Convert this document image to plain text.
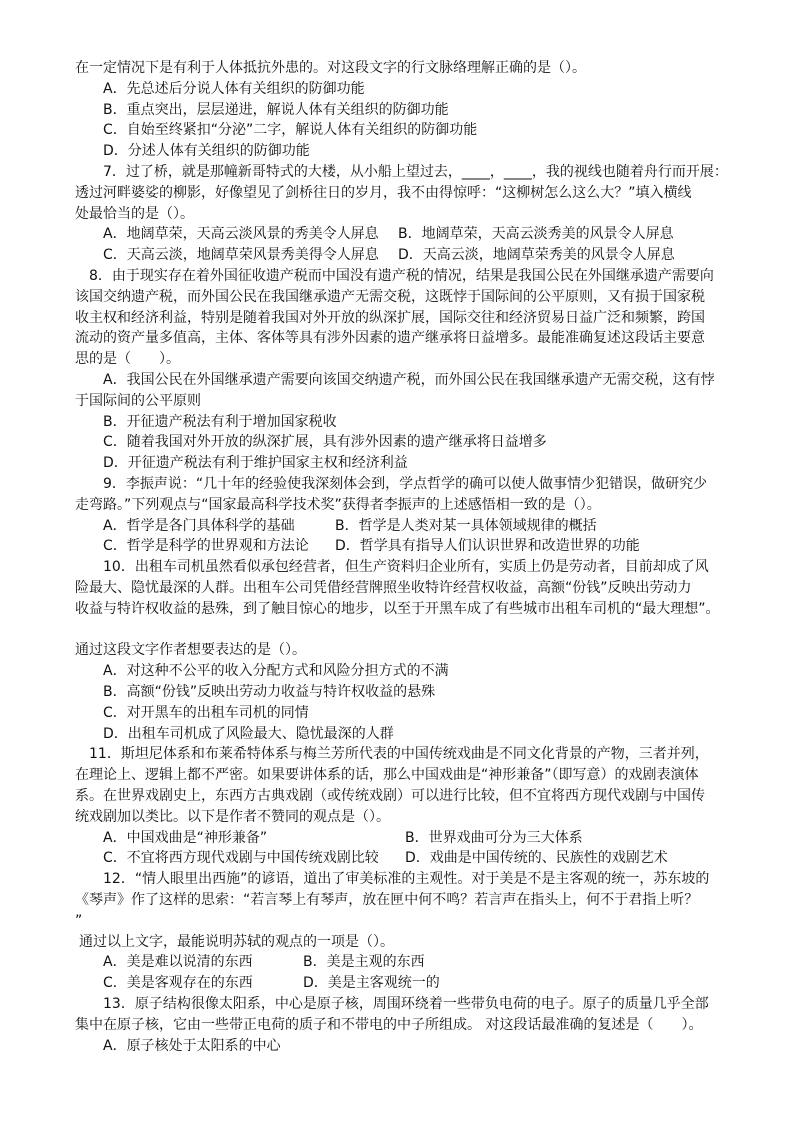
在一定情况下是有利于人体抵抗外患的。对这段文字的行文脉络理解正确的是（）。
A．先总述后分说人体有关组织的防御功能
B．重点突出，层层递进，解说人体有关组织的防御功能
C．自始至终紧扣“分泌”二字，解说人体有关组织的防御功能
D．分述人体有关组织的防御功能
7．过了桥，就是那幢新哥特式的大楼，从小船上望过去，____，____，我的视线也随着舟行而开展：
透过河畔婆娑的柳影，好像望见了剑桥往日的岁月，我不由得惊呼：“这柳树怎么这么大？”填入横线
处最恰当的是（）。
A．地阔草荣，天高云淡风景的秀美令人屏息 B．地阔草荣，天高云淡秀美的风景令人屏息
C．天高云淡，地阔草荣风景秀美得令人屏息 D．天高云淡，地阔草荣秀美的风景令人屏息
8．由于现实存在着外国征收遗产税而中国没有遗产税的情况，结果是我国公民在外国继承遗产需要向
该国交纳遗产税，而外国公民在我国继承遗产无需交税，这既悖于国际间的公平原则，又有损于国家税
收主权和经济利益，特别是随着我国对外开放的纵深扩展，国际交往和经济贸易日益广泛和频繁，跨国
流动的资产量多值高，主体、客体等具有涉外因素的遗产继承将日益增多。最能准确复述这段话主要意
思的是（　　）。
A．我国公民在外国继承遗产需要向该国交纳遗产税，而外国公民在我国继承遗产无需交税，这有悖
于国际间的公平原则
B．开征遗产税法有利于增加国家税收
C．随着我国对外开放的纵深扩展，具有涉外因素的遗产继承将日益增多
D．开征遗产税法有利于维护国家主权和经济利益
9．李振声说：“几十年的经验使我深刻体会到，学点哲学的确可以使人做事情少犯错误，做研究少
走弯路。”下列观点与“国家最高科学技术奖”获得者李振声的上述感悟相一致的是（）。
A．哲学是各门具体科学的基础	B．哲学是人类对某一具体领域规律的概括
C．哲学是科学的世界观和方法论 D．哲学具有指导人们认识世界和改造世界的功能
10．出租车司机虽然看似承包经营者，但生产资料归企业所有，实质上仍是劳动者，目前却成了风
险最大、隐忧最深的人群。出租车公司凭借经营牌照坐收特许经营权收益，高额“份钱”反映出劳动力
收益与特许权收益的悬殊，到了触目惊心的地步，以至于开黑车成了有些城市出租车司机的“最大理想”。
通过这段文字作者想要表达的是（）。
A．对这种不公平的收入分配方式和风险分担方式的不满
B．高额“份钱”反映出劳动力收益与特许权收益的悬殊
C．对开黑车的出租车司机的同情
D．出租车司机成了风险最大、隐忧最深的人群
11．斯坦尼体系和布莱希特体系与梅兰芳所代表的中国传统戏曲是不同文化背景的产物，三者并列，
在理论上、逻辑上都不严密。如果要讲体系的话，那么中国戏曲是“神形兼备”（即写意）的戏剧表演体
系。在世界戏剧史上，东西方古典戏剧（或传统戏剧）可以进行比较，但不宜将西方现代戏剧与中国传
统戏剧加以类比。以下是作者不赞同的观点是（）。
A．中国戏曲是“神形兼备”	B．世界戏曲可分为三大体系
C．不宜将西方现代戏剧与中国传统戏剧比较 D．戏曲是中国传统的、民族性的戏剧艺术
12．“情人眼里出西施”的谚语，道出了审美标准的主观性。对于美是不是主客观的统一，苏东坡的
《琴声》作了这样的思索：“若言琴上有琴声，放在匣中何不鸣？若言声在指头上，何不于君指上听？
”
通过以上文字，最能说明苏轼的观点的一项是（）。
A．美是难以说清的东西	B．美是主观的东西
C．美是客观存在的东西	D．美是主客观统一的
13．原子结构很像太阳系，中心是原子核，周围环绕着一些带负电荷的电子。原子的质量几乎全部
集中在原子核，它由一些带正电荷的质子和不带电的中子所组成。 对这段话最准确的复述是（　　）。
A．原子核处于太阳系的中心
